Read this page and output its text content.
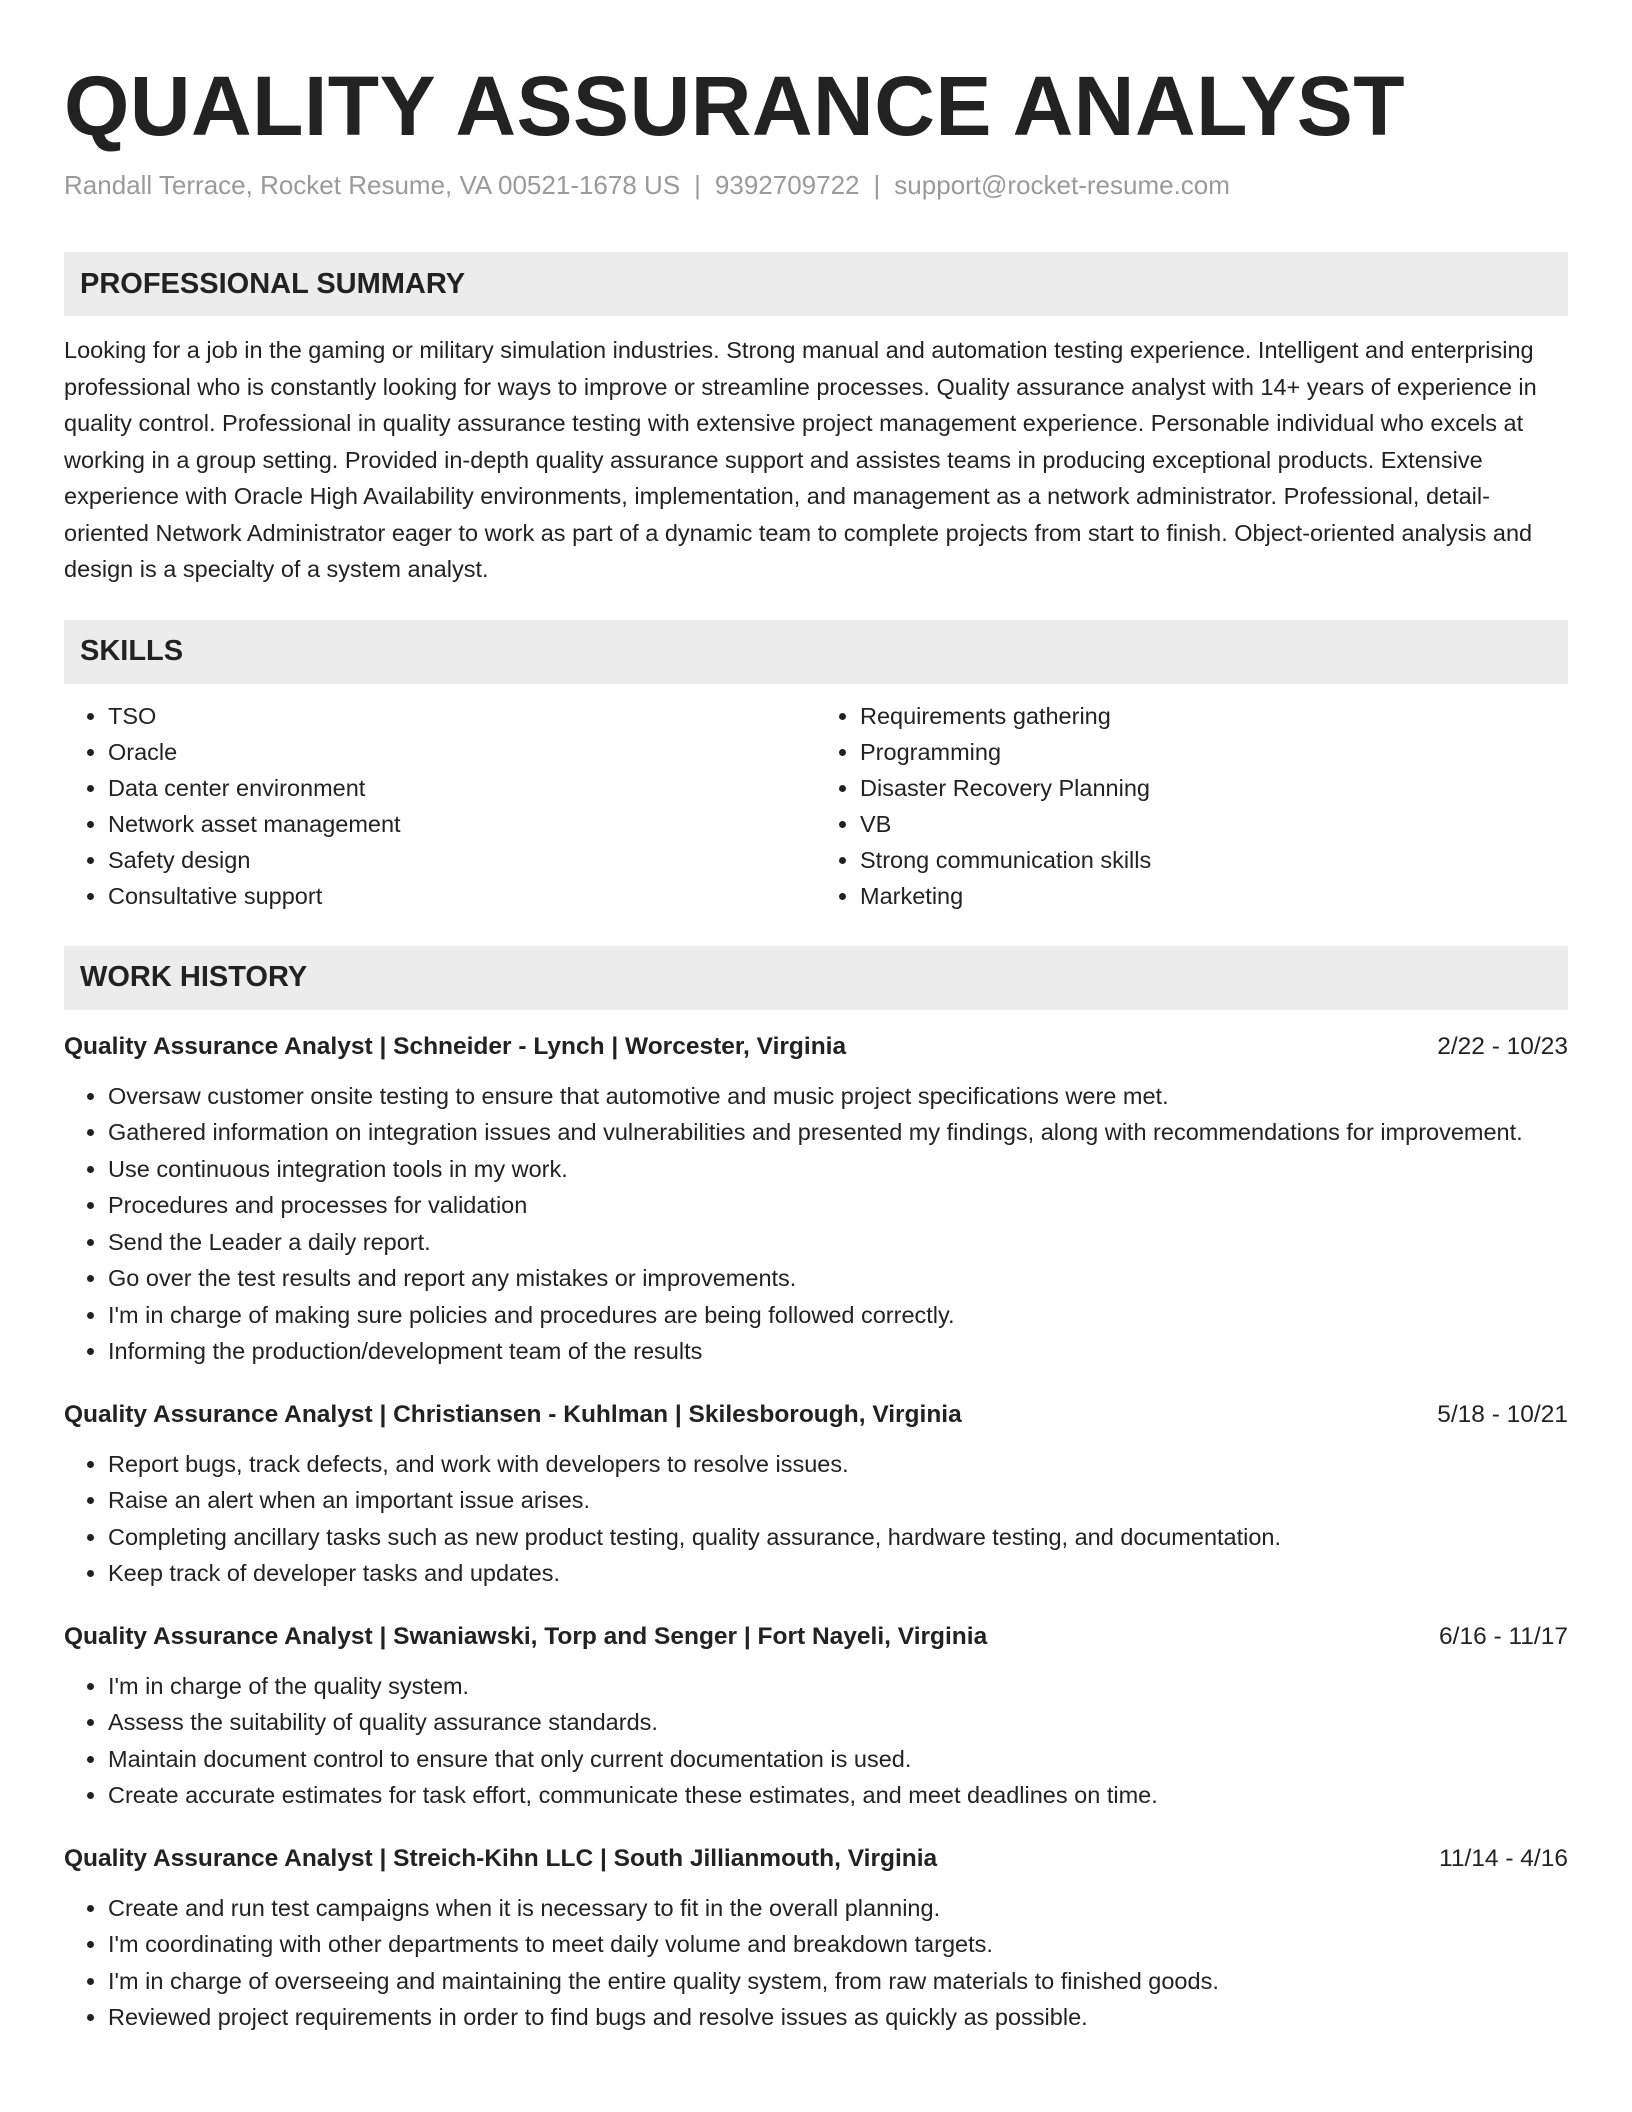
QUALITY ASSURANCE ANALYST
Randall Terrace, Rocket Resume, VA 00521-1678 US | 9392709722 | support@rocket-resume.com
PROFESSIONAL SUMMARY

Looking for a job in the gaming or military simulation industries. Strong manual and automation testing experience. Intelligent and enterprising professional who is constantly looking for ways to improve or streamline processes. Quality assurance analyst with 14+ years of experience in quality control. Professional in quality assurance testing with extensive project management experience. Personable individual who excels at working in a group setting. Provided in-depth quality assurance support and assistes teams in producing exceptional products. Extensive experience with Oracle High Availability environments, implementation, and management as a network administrator. Professional, detail-oriented Network Administrator eager to work as part of a dynamic team to complete projects from start to finish. Object-oriented analysis and design is a specialty of a system analyst.

SKILLS
• TSO
• Oracle
• Data center environment
• Network asset management
• Safety design
• Consultative support
• Requirements gathering
• Programming
• Disaster Recovery Planning
• VB
• Strong communication skills
• Marketing
WORK HISTORY
Quality Assurance Analyst | Schneider - Lynch | Worcester, Virginia	2/22 - 10/23
• Oversaw customer onsite testing to ensure that automotive and music project specifications were met.
• Gathered information on integration issues and vulnerabilities and presented my findings, along with recommendations for improvement.
• Use continuous integration tools in my work.
• Procedures and processes for validation
• Send the Leader a daily report.
• Go over the test results and report any mistakes or improvements.
• I'm in charge of making sure policies and procedures are being followed correctly.
• Informing the production/development team of the results
Quality Assurance Analyst | Christiansen - Kuhlman | Skilesborough, Virginia	5/18 - 10/21
• Report bugs, track defects, and work with developers to resolve issues.
• Raise an alert when an important issue arises.
• Completing ancillary tasks such as new product testing, quality assurance, hardware testing, and documentation.
• Keep track of developer tasks and updates.
Quality Assurance Analyst | Swaniawski, Torp and Senger | Fort Nayeli, Virginia	6/16 - 11/17
• I'm in charge of the quality system.
• Assess the suitability of quality assurance standards.
• Maintain document control to ensure that only current documentation is used.
• Create accurate estimates for task effort, communicate these estimates, and meet deadlines on time.
Quality Assurance Analyst | Streich-Kihn LLC | South Jillianmouth, Virginia	11/14 - 4/16
• Create and run test campaigns when it is necessary to fit in the overall planning.
• I'm coordinating with other departments to meet daily volume and breakdown targets.
• I'm in charge of overseeing and maintaining the entire quality system, from raw materials to finished goods.
• Reviewed project requirements in order to find bugs and resolve issues as quickly as possible.
